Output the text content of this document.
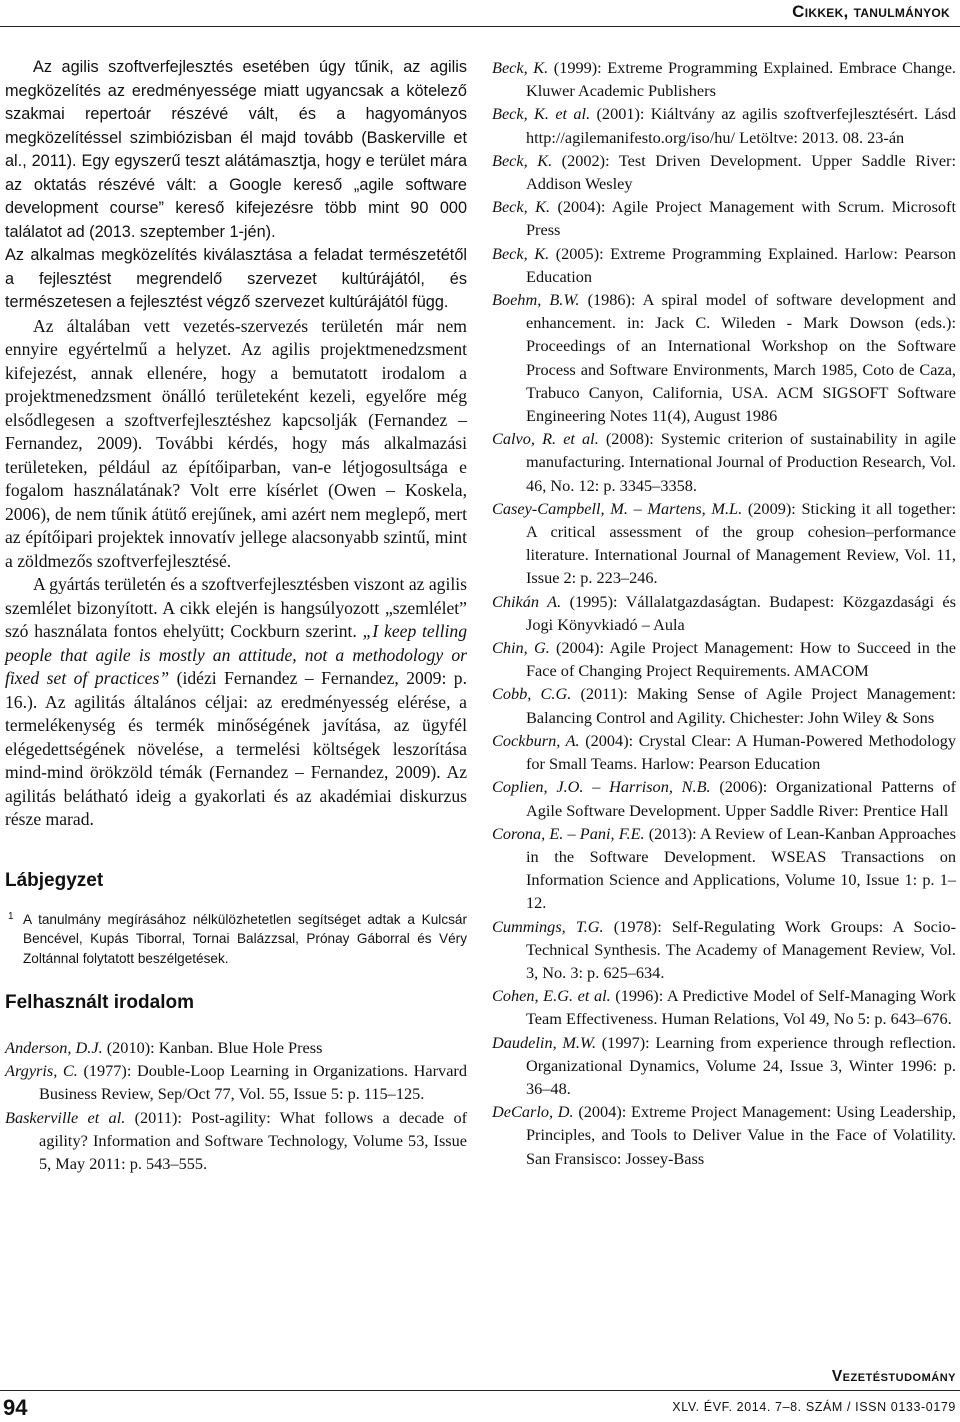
Cikkek, tanulmányok

Az agilis szoftverfejlesztés esetében úgy tűnik, az agilis megközelítés az eredményessége miatt ugyancsak a kötelező szakmai repertoár részévé vált, és a hagyományos megközelítéssel szimbiózisban él majd tovább (Baskerville et al., 2011). Egy egyszerű teszt alátámasztja, hogy e terület mára az oktatás részévé vált: a Google kereső „agile software development course” kereső kifejezésre több mint 90 000 találatot ad (2013. szeptember 1-jén).

Az alkalmas megközelítés kiválasztása a feladat természetétől a fejlesztést megrendelő szervezet kultúrájától, és természetesen a fejlesztést végző szervezet kultúrájától függ.

Az általában vett vezetés-szervezés területén már nem ennyire egyértelmű a helyzet. Az agilis projektmenedzsment kifejezést, annak ellenére, hogy a bemutatott irodalom a projektmenedzsment önálló területeként kezeli, egyelőre még elsődlegesen a szoftverfejlesztéshez kapcsolják (Fernandez – Fernandez, 2009). További kérdés, hogy más alkalmazási területeken, például az építőiparban, van-e létjogosultsága e fogalom használatának? Volt erre kísérlet (Owen – Koskela, 2006), de nem tűnik átütő erejűnek, ami azért nem meglepő, mert az építőipari projektek innovatív jellege alacsonyabb szintű, mint a zöldmezős szoftverfejlesztésé.

A gyártás területén és a szoftverfejlesztésben viszont az agilis szemlélet bizonyított. A cikk elején is hangsúlyozott „szemlélet” szó használata fontos ehelyütt; Cockburn szerint. „I keep telling people that agile is mostly an attitude, not a methodology or fixed set of practices” (idézi Fernandez – Fernandez, 2009: p. 16.). Az agilitás általános céljai: az eredményesség elérése, a termelékenység és termék minőségének javítása, az ügyfél elégedettségének növelése, a termelési költségek leszorítása mind-mind örökzöld témák (Fernandez – Fernandez, 2009). Az agilitás belátható ideig a gyakorlati és az akadémiai diskurzus része marad.

Lábjegyzet
1 A tanulmány megírásához nélkülözhetetlen segítséget adtak a Kulcsár Bencével, Kupás Tiborral, Tornai Balázzsal, Prónay Gáborral és Véry Zoltánnal folytatott beszélgetések.
Felhasznált irodalom
Anderson, D.J. (2010): Kanban. Blue Hole Press
Argyris, C. (1977): Double-Loop Learning in Organizations. Harvard Business Review, Sep/Oct 77, Vol. 55, Issue 5: p. 115–125.
Baskerville et al. (2011): Post-agility: What follows a decade of agility? Information and Software Technology, Volume 53, Issue 5, May 2011: p. 543–555.
Beck, K. (1999): Extreme Programming Explained. Embrace Change. Kluwer Academic Publishers
Beck, K. et al. (2001): Kiáltvány az agilis szoftverfejlesztésért. Lásd http://agilemanifesto.org/iso/hu/ Letöltve: 2013. 08. 23-án
Beck, K. (2002): Test Driven Development. Upper Saddle River: Addison Wesley
Beck, K. (2004): Agile Project Management with Scrum. Microsoft Press
Beck, K. (2005): Extreme Programming Explained. Harlow: Pearson Education
Boehm, B.W. (1986): A spiral model of software development and enhancement. in: Jack C. Wileden - Mark Dowson (eds.): Proceedings of an International Workshop on the Software Process and Software Environments, March 1985, Coto de Caza, Trabuco Canyon, California, USA. ACM SIGSOFT Software Engineering Notes 11(4), August 1986
Calvo, R. et al. (2008): Systemic criterion of sustainability in agile manufacturing. International Journal of Production Research, Vol. 46, No. 12: p. 3345–3358.
Casey-Campbell, M. – Martens, M.L. (2009): Sticking it all together: A critical assessment of the group cohesion–performance literature. International Journal of Management Review, Vol. 11, Issue 2: p. 223–246.
Chikán A. (1995): Vállalatgazdaságtan. Budapest: Közgazdasági és Jogi Könyvkiadó – Aula
Chin, G. (2004): Agile Project Management: How to Succeed in the Face of Changing Project Requirements. AMACOM
Cobb, C.G. (2011): Making Sense of Agile Project Management: Balancing Control and Agility. Chichester: John Wiley & Sons
Cockburn, A. (2004): Crystal Clear: A Human-Powered Methodology for Small Teams. Harlow: Pearson Education
Coplien, J.O. – Harrison, N.B. (2006): Organizational Patterns of Agile Software Development. Upper Saddle River: Prentice Hall
Corona, E. – Pani, F.E. (2013): A Review of Lean-Kanban Approaches in the Software Development. WSEAS Transactions on Information Science and Applications, Volume 10, Issue 1: p. 1–12.
Cummings, T.G. (1978): Self-Regulating Work Groups: A Socio-Technical Synthesis. The Academy of Management Review, Vol. 3, No. 3: p. 625–634.
Cohen, E.G. et al. (1996): A Predictive Model of Self-Managing Work Team Effectiveness. Human Relations, Vol 49, No 5: p. 643–676.
Daudelin, M.W. (1997): Learning from experience through reflection. Organizational Dynamics, Volume 24, Issue 3, Winter 1996: p. 36–48.
DeCarlo, D. (2004): Extreme Project Management: Using Leadership, Principles, and Tools to Deliver Value in the Face of Volatility. San Fransisco: Jossey-Bass
Vezetéstudomány
94	XLV. ÉVF. 2014. 7–8. SZÁM / ISSN 0133-0179
